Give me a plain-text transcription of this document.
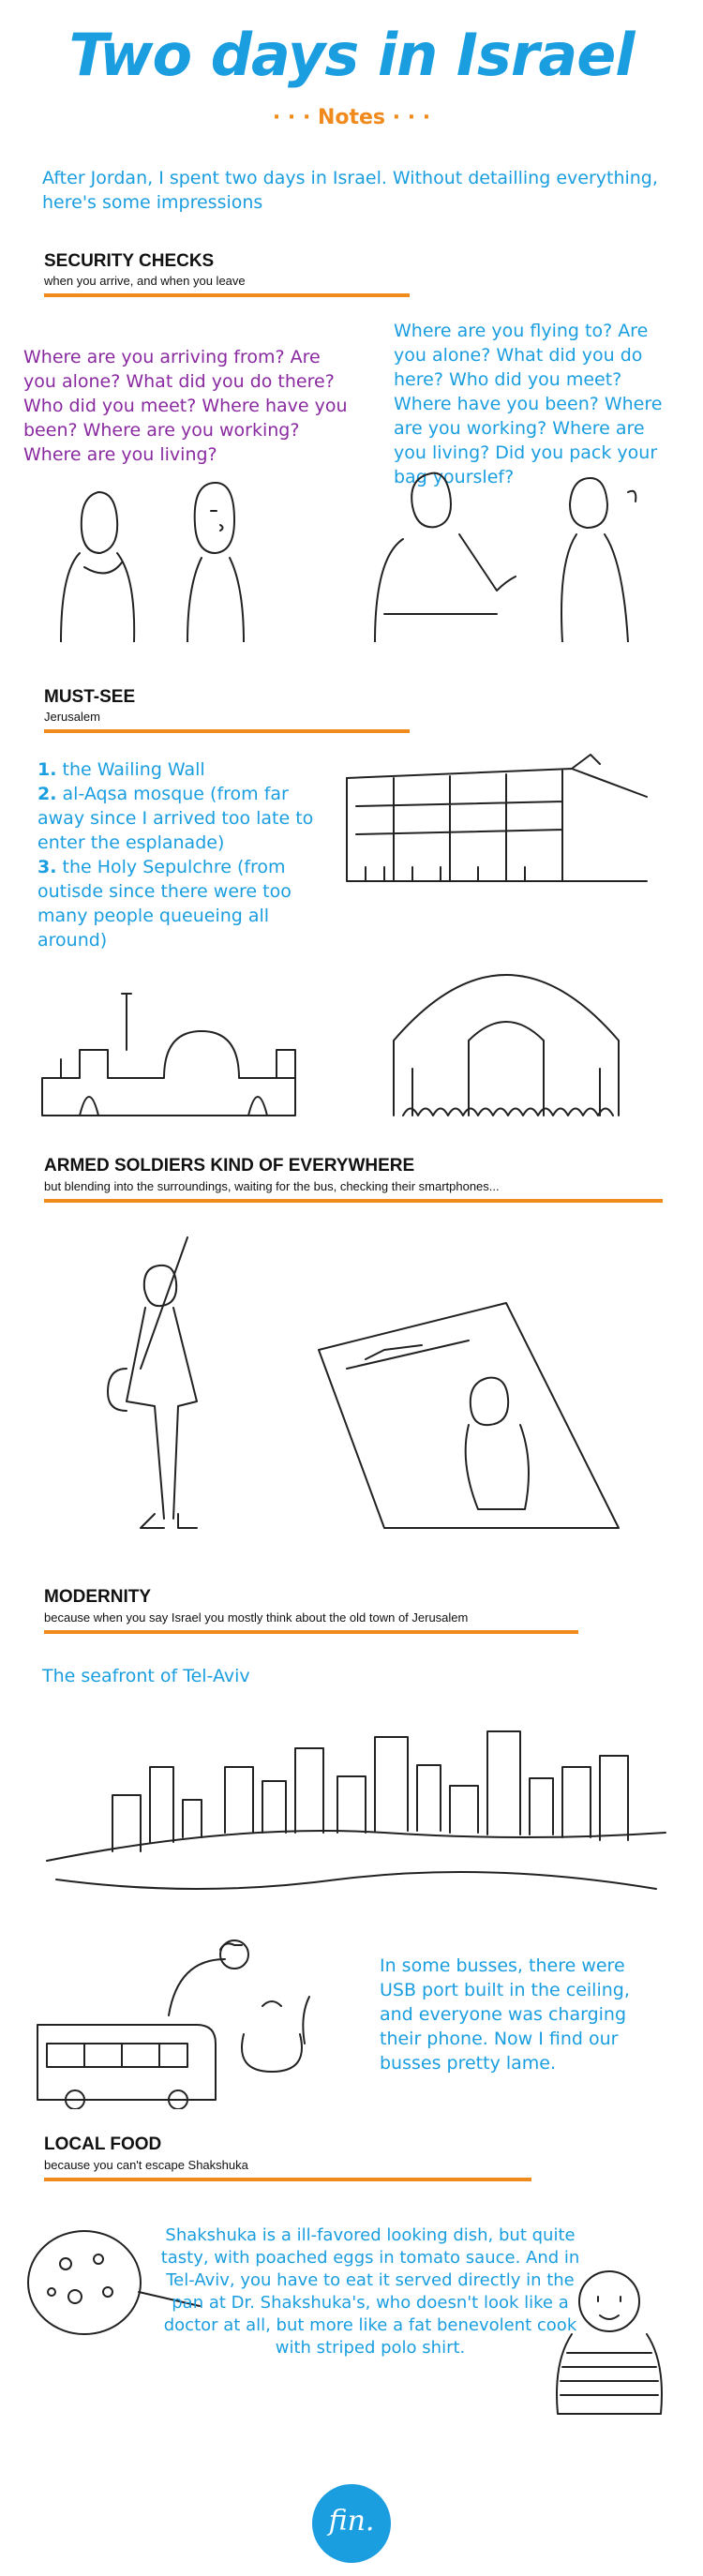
Two days in Israel
· · · Notes · · ·
After Jordan, I spent two days in Israel. Without detailling everything, here's some impressions
SECURITY CHECKS
when you arrive, and when you leave
Where are you arriving from? Are you alone? What did you do there? Who did you meet? Where have you been? Where are you working? Where are you living?
Where are you flying to? Are you alone? What did you do here? Who did you meet? Where have you been? Where are you working? Where are you living? Did you pack your bag yourslef?
MUST-SEE
Jerusalem
1. the Wailing Wall
2. al-Aqsa mosque (from far away since I arrived too late to enter the esplanade)
3. the Holy Sepulchre (from outisde since there were too many people queueing all around)
ARMED SOLDIERS KIND OF EVERYWHERE
but blending into the surroundings, waiting for the bus, checking their smartphones...
MODERNITY
because when you say Israel you mostly think about the old town of Jerusalem
The seafront of Tel-Aviv
In some busses, there were USB port built in the ceiling, and everyone was charging their phone. Now I find our busses pretty lame.
LOCAL FOOD
because you can't escape Shakshuka
Shakshuka is a ill-favored looking dish, but quite tasty, with poached eggs in tomato sauce. And in Tel-Aviv, you have to eat it served directly in the pan at Dr. Shakshuka's, who doesn't look like a doctor at all, but more like a fat benevolent cook with striped polo shirt.
fin.
